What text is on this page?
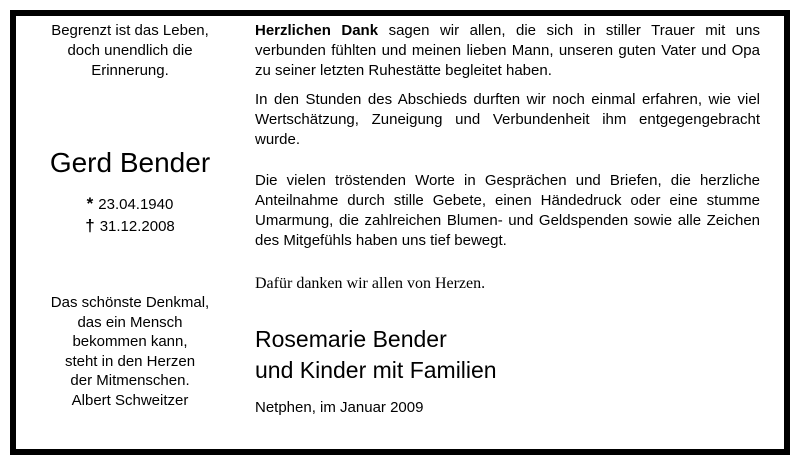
Begrenzt ist das Leben,
doch unendlich die
Erinnerung.
Gerd Bender
* 23.04.1940
† 31.12.2008
Das schönste Denkmal,
das ein Mensch
bekommen kann,
steht in den Herzen
der Mitmenschen.
Albert Schweitzer
Herzlichen Dank sagen wir allen, die sich in stiller Trauer mit uns verbunden fühlten und meinen lieben Mann, unseren guten Vater und Opa zu seiner letzten Ruhestätte begleitet haben.
In den Stunden des Abschieds durften wir noch einmal erfahren, wie viel Wertschätzung, Zuneigung und Verbundenheit ihm entgegengebracht wurde.
Die vielen tröstenden Worte in Gesprächen und Briefen, die herzliche Anteilnahme durch stille Gebete, einen Händedruck oder eine stumme Umarmung, die zahlreichen Blumen- und Geldspenden sowie alle Zeichen des Mitgefühls haben uns tief bewegt.
Dafür danken wir allen von Herzen.
Rosemarie Bender
und Kinder mit Familien
Netphen, im Januar 2009
